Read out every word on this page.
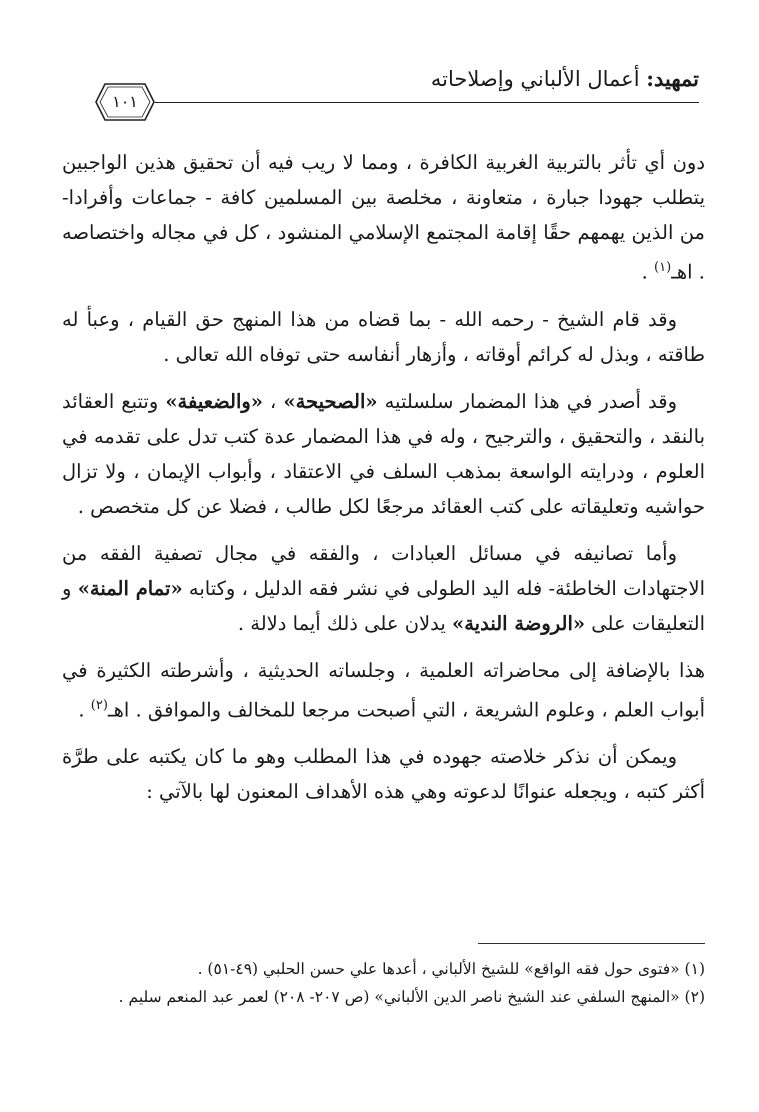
تمهيد: أعمال الألباني وإصلاحاته
١٠١

دون أي تأثر بالتربية الغربية الكافرة ، ومما لا ريب فيه أن تحقيق هذين الواجبين يتطلب جهودا جبارة ، متعاونة ، مخلصة بين المسلمين كافة - جماعات وأفرادا- من الذين يهمهم حقًا إقامة المجتمع الإسلامي المنشود ، كل في مجاله واختصاصه . اهـ$^{(١)}$ .

وقد قام الشيخ - رحمه الله - بما قضاه من هذا المنهج حق القيام ، وعبأ له طاقته ، وبذل له كرائم أوقاته ، وأزهار أنفاسه حتى توفاه الله تعالى .

وقد أصدر في هذا المضمار سلسلتيه «الصحيحة» ، «والضعيفة» وتتبع العقائد بالنقد ، والتحقيق ، والترجيح ، وله في هذا المضمار عدة كتب تدل على تقدمه في العلوم ، ودرايته الواسعة بمذهب السلف في الاعتقاد ، وأبواب الإيمان ، ولا تزال حواشيه وتعليقاته على كتب العقائد مرجعًا لكل طالب ، فضلا عن كل متخصص .

وأما تصانيفه في مسائل العبادات ، والفقه في مجال تصفية الفقه من الاجتهادات الخاطئة- فله اليد الطولى في نشر فقه الدليل ، وكتابه «تمام المنة» و التعليقات على «الروضة الندية» يدلان على ذلك أيما دلالة .

هذا بالإضافة إلى محاضراته العلمية ، وجلساته الحديثية ، وأشرطته الكثيرة في أبواب العلم ، وعلوم الشريعة ، التي أصبحت مرجعا للمخالف والموافق . اهـ$^{(٢)}$ .

ويمكن أن نذكر خلاصته جهوده في هذا المطلب وهو ما كان يكتبه على طرَّة أكثر كتبه ، ويجعله عنوانًا لدعوته وهي هذه الأهداف المعنون لها بالآتي :

(١) «فتوى حول فقه الواقع» للشيخ الألباني ، أعدها علي حسن الحلبي (٤٩-٥١) .
(٢) «المنهج السلفي عند الشيخ ناصر الدين الألباني» (ص ٢٠٧- ٢٠٨) لعمر عبد المنعم سليم .
